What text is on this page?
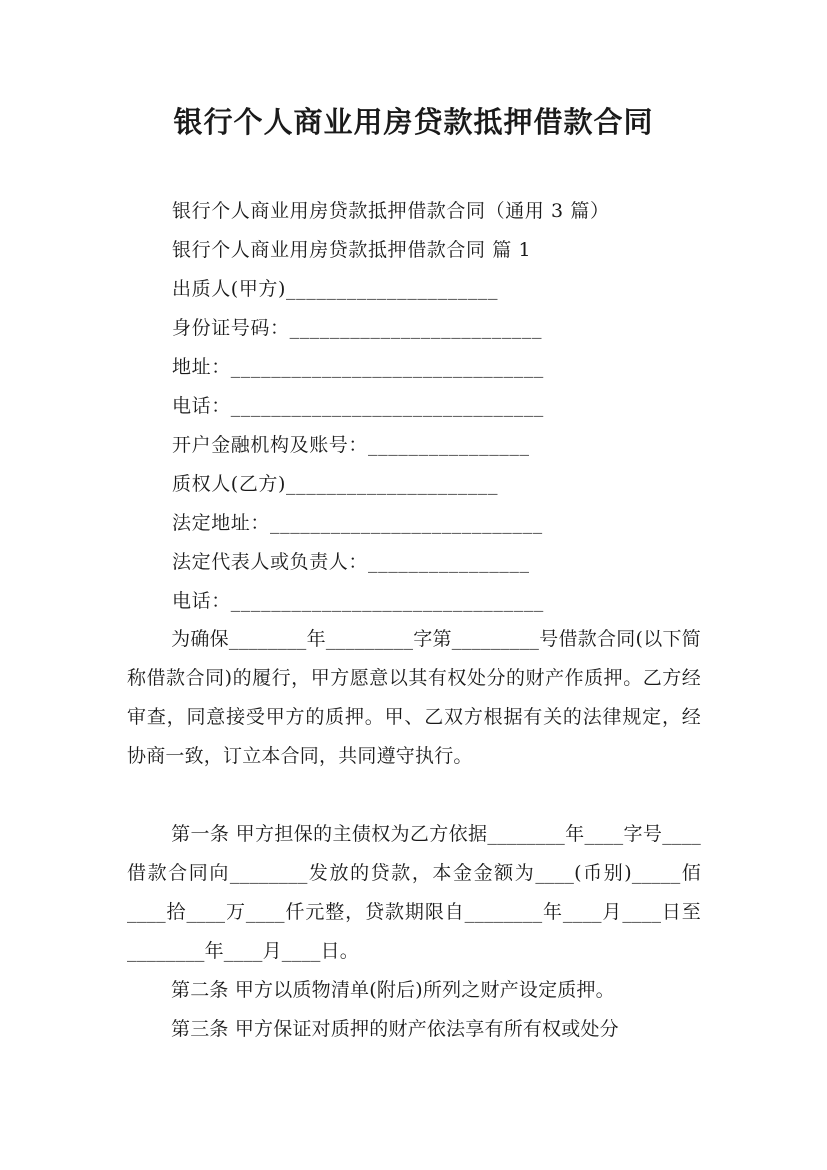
银行个人商业用房贷款抵押借款合同
银行个人商业用房贷款抵押借款合同（通用 3 篇）
银行个人商业用房贷款抵押借款合同 篇 1
出质人(甲方)_____________________
身份证号码：_________________________
地址：_______________________________
电话：_______________________________
开户金融机构及账号：________________
质权人(乙方)_____________________
法定地址：___________________________
法定代表人或负责人：________________
电话：_______________________________
为确保________年_________字第_________号借款合同(以下简称借款合同)的履行，甲方愿意以其有权处分的财产作质押。乙方经审查，同意接受甲方的质押。甲、乙双方根据有关的法律规定，经协商一致，订立本合同，共同遵守执行。
第一条 甲方担保的主债权为乙方依据________年____字号____借款合同向________发放的贷款，本金金额为____(币别)_____佰____拾____万____仟元整，贷款期限自________年____月____日至________年____月____日。
第二条 甲方以质物清单(附后)所列之财产设定质押。
第三条 甲方保证对质押的财产依法享有所有权或处分
